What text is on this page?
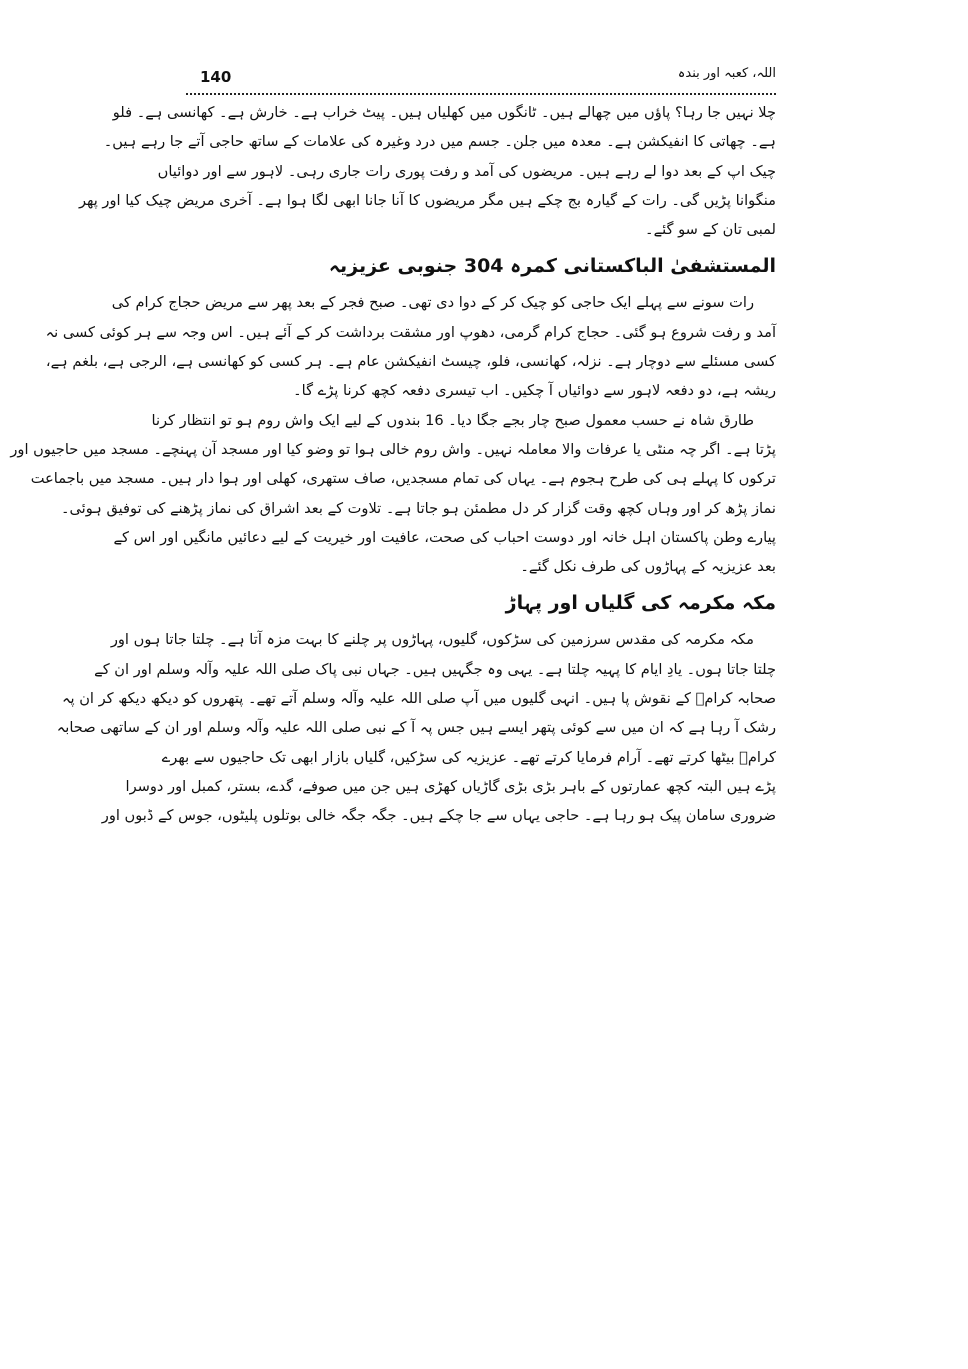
140	اللہ، کعبہ اور بندہ
چلا نہیں جا رہا؟ پاؤں میں چھالے ہیں۔ ٹانگوں میں کھلیاں ہیں۔ پیٹ خراب ہے۔ خارش ہے۔ کھانسی ہے۔ فلو
ہے۔ چھاتی کا انفیکشن ہے۔ معدہ میں جلن۔ جسم میں درد وغیرہ کی علامات کے ساتھ حاجی آتے جا رہے ہیں۔
چیک اپ کے بعد دوا لے رہے ہیں۔ مریضوں کی آمد و رفت پوری رات جاری رہی۔ لاہور سے اور دوائیاں
منگوانا پڑیں گی۔ رات کے گیارہ بج چکے ہیں مگر مریضوں کا آنا جانا ابھی لگا ہوا ہے۔ آخری مریض چیک کیا اور پھر
لمبی تان کے سو گئے۔
المستشفیٰ الباکستانی کمرہ 304 جنوبی عزیزیہ
رات سونے سے پہلے ایک حاجی کو چیک کر کے دوا دی تھی۔ صبح فجر کے بعد پھر سے مریض حجاج کرام کی
آمد و رفت شروع ہو گئی۔ حجاج کرام گرمی، دھوپ اور مشقت برداشت کر کے آئے ہیں۔ اس وجہ سے ہر کوئی کسی نہ
کسی مسئلے سے دوچار ہے۔ نزلہ، کھانسی، فلو، چیسٹ انفیکشن عام ہے۔ ہر کسی کو کھانسی ہے، الرجی ہے، بلغم ہے،
ریشہ ہے، دو دفعہ لاہور سے دوائیاں آ چکیں۔ اب تیسری دفعہ کچھ کرنا پڑے گا۔
طارق شاہ نے حسب معمول صبح چار بجے جگا دیا۔ 16 بندوں کے لیے ایک واش روم ہو تو انتظار کرنا
پڑتا ہے۔ اگر چہ منٹی یا عرفات والا معاملہ نہیں۔ واش روم خالی ہوا تو وضو کیا اور مسجد آن پہنچے۔ مسجد میں حاجیوں اور
ترکوں کا پہلے ہی کی طرح ہجوم ہے۔ یہاں کی تمام مسجدیں، صاف ستھری، کھلی اور ہوا دار ہیں۔ مسجد میں باجماعت
نماز پڑھ کر اور وہاں کچھ وقت گزار کر دل مطمئن ہو جاتا ہے۔ تلاوت کے بعد اشراق کی نماز پڑھنے کی توفیق ہوئی۔
پیارے وطن پاکستان اہل خانہ اور دوست احباب کی صحت، عافیت اور خیریت کے لیے دعائیں مانگیں اور اس کے
بعد عزیزیہ کے پہاڑوں کی طرف نکل گئے۔
مکہ مکرمہ کی گلیاں اور پہاڑ
مکہ مکرمہ کی مقدس سرزمین کی سڑکوں، گلیوں، پہاڑوں پر چلنے کا بہت مزہ آتا ہے۔ چلتا جاتا ہوں اور
چلتا جاتا ہوں۔ یادِ ایام کا پہیہ چلتا ہے۔ یہی وہ جگہیں ہیں۔ جہاں نبی پاک صلی اللہ علیہ وآلہ وسلم اور ان کے
صحابہ کرامؓ کے نقوش پا ہیں۔ انہی گلیوں میں آپ صلی اللہ علیہ وآلہ وسلم آتے تھے۔ پتھروں کو دیکھ دیکھ کر ان پہ
رشک آ رہا ہے کہ ان میں سے کوئی پتھر ایسے ہیں جس پہ آ کے نبی صلی اللہ علیہ وآلہ وسلم اور ان کے ساتھی صحابہ
کرامؓ بیٹھا کرتے تھے۔ آرام فرمایا کرتے تھے۔ عزیزیہ کی سڑکیں، گلیاں بازار ابھی تک حاجیوں سے بھرے
پڑے ہیں البتہ کچھ عمارتوں کے باہر بڑی بڑی گاڑیاں کھڑی ہیں جن میں صوفے، گدے، بستر، کمبل اور دوسرا
ضروری سامان پیک ہو رہا ہے۔ حاجی یہاں سے جا چکے ہیں۔ جگہ جگہ خالی بوتلوں پلیٹوں، جوس کے ڈبوں اور
